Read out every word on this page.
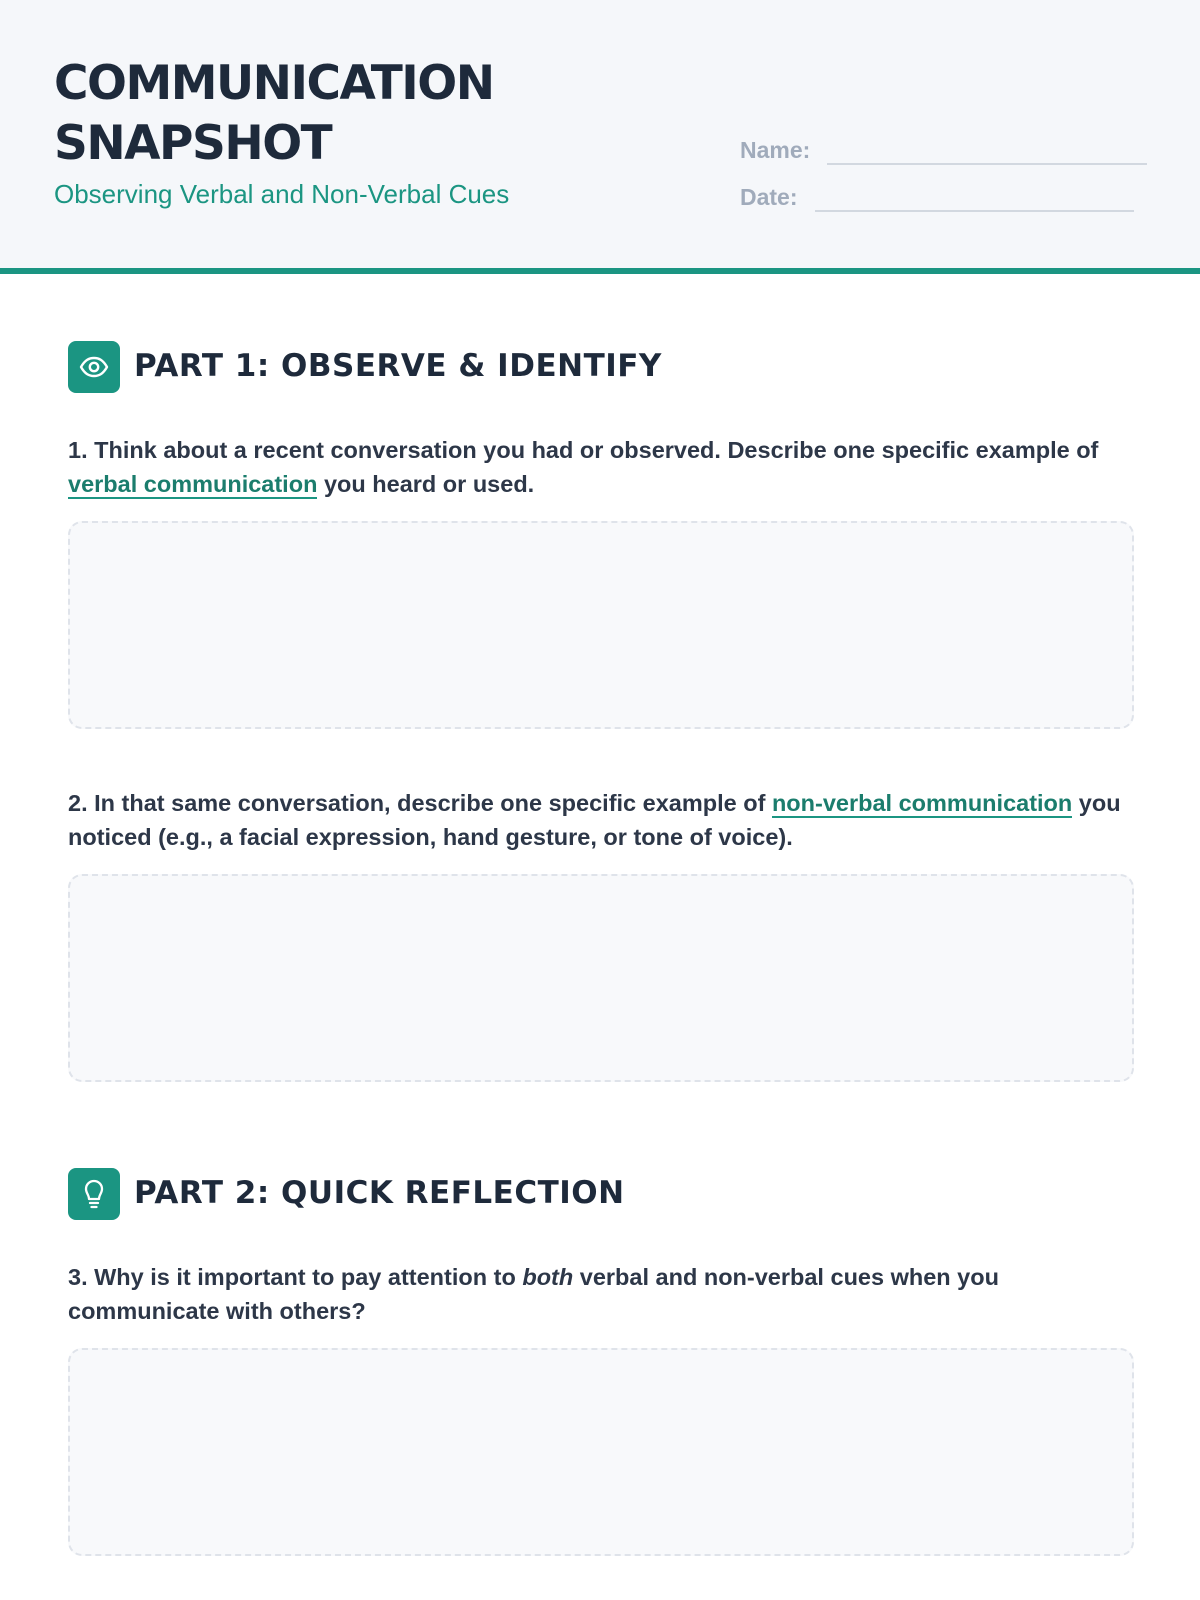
COMMUNICATION
SNAPSHOT
Observing Verbal and Non-Verbal Cues
Name:
Date:
PART 1: OBSERVE & IDENTIFY

1. Think about a recent conversation you had or observed. Describe one specific example of verbal communication you heard or used.

2. In that same conversation, describe one specific example of non-verbal communication you noticed (e.g., a facial expression, hand gesture, or tone of voice).

PART 2: QUICK REFLECTION

3. Why is it important to pay attention to both verbal and non-verbal cues when you communicate with others?
